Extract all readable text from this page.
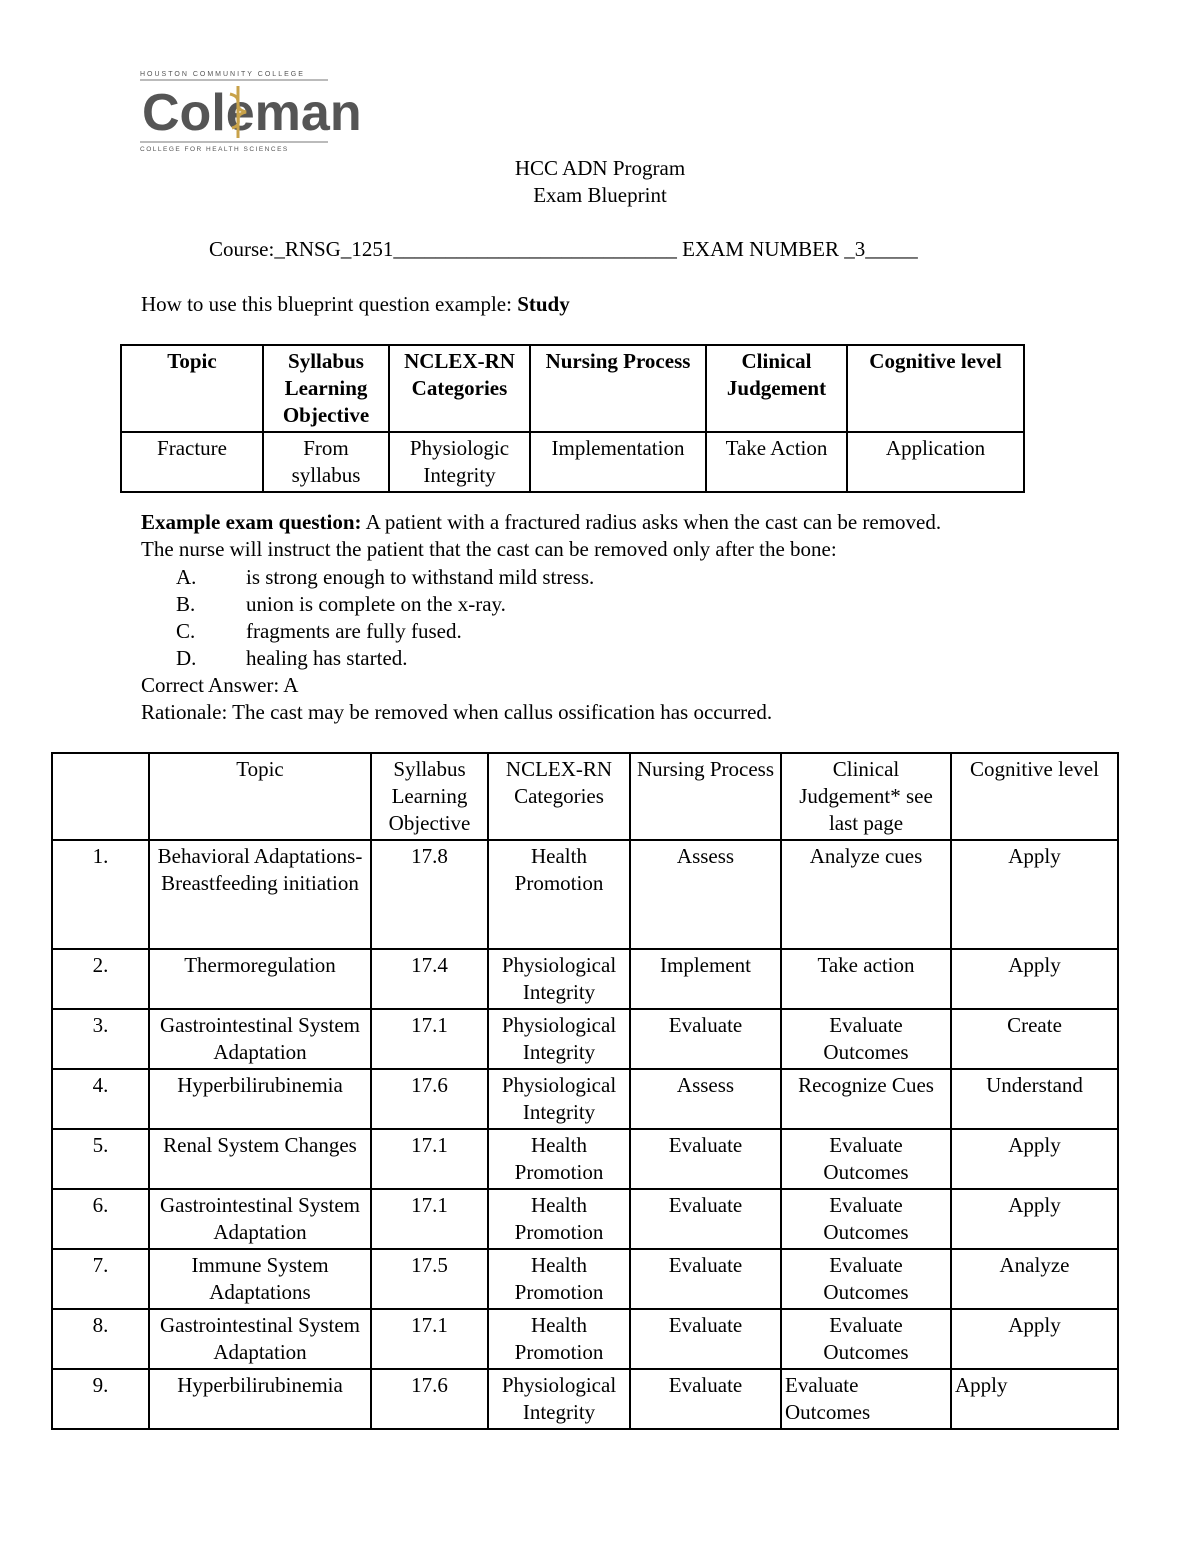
HOUSTON COMMUNITY COLLEGE
Coleman
COLLEGE FOR HEALTH SCIENCES
HCC ADN Program
Exam Blueprint
Course:_RNSG_1251___________________________ EXAM NUMBER _3_____
How to use this blueprint question example: Study
Topic	Syllabus Learning Objective	NCLEX-RN Categories	Nursing Process	Clinical Judgement	Cognitive level
Fracture	From syllabus	Physiologic Integrity	Implementation	Take Action	Application
Example exam question: A patient with a fractured radius asks when the cast can be removed.
The nurse will instruct the patient that the cast can be removed only after the bone:
A. is strong enough to withstand mild stress.
B. union is complete on the x-ray.
C. fragments are fully fused.
D. healing has started.
Correct Answer: A
Rationale: The cast may be removed when callus ossification has occurred.
	Topic	Syllabus Learning Objective	NCLEX-RN Categories	Nursing Process	Clinical Judgement* see last page	Cognitive level
1.	Behavioral Adaptations-Breastfeeding initiation	17.8	Health Promotion	Assess	Analyze cues	Apply
2.	Thermoregulation	17.4	Physiological Integrity	Implement	Take action	Apply
3.	Gastrointestinal System Adaptation	17.1	Physiological Integrity	Evaluate	Evaluate Outcomes	Create
4.	Hyperbilirubinemia	17.6	Physiological Integrity	Assess	Recognize Cues	Understand
5.	Renal System Changes	17.1	Health Promotion	Evaluate	Evaluate Outcomes	Apply
6.	Gastrointestinal System Adaptation	17.1	Health Promotion	Evaluate	Evaluate Outcomes	Apply
7.	Immune System Adaptations	17.5	Health Promotion	Evaluate	Evaluate Outcomes	Analyze
8.	Gastrointestinal System Adaptation	17.1	Health Promotion	Evaluate	Evaluate Outcomes	Apply
9.	Hyperbilirubinemia	17.6	Physiological Integrity	Evaluate	Evaluate Outcomes	Apply
